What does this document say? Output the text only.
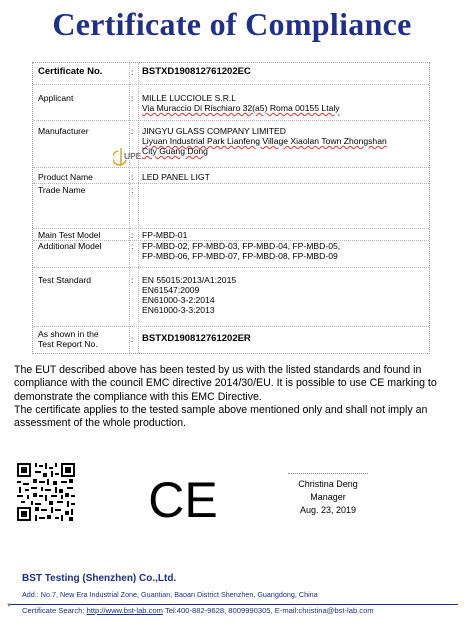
Certificate of Compliance
Certificate No.	: BSTXD190812761202EC
Applicant	: MILLE LUCCIOLE S.R.L
Via Muraccio Di Rischiaro 32(a5) Roma 00155 Ltaly
Manufacturer	: JINGYU GLASS COMPANY LIMITED
Liyuan Industrial Park Lianfeng Village Xiaolan Town Zhongshan
City Guang Dong
Product Name	: LED PANEL LIGT
Trade Name	:
Main Test Model	: FP-MBD-01
Additional Model	: FP-MBD-02, FP-MBD-03, FP-MBD-04, FP-MBD-05,
FP-MBD-06, FP-MBD-07, FP-MBD-08, FP-MBD-09
Test Standard	: EN 55015:2013/A1:2015
EN61547:2009
EN61000-3-2:2014
EN61000-3-3:2013
As shown in the
Test Report No.	: BSTXD190812761202ER
UPE

The EUT described above has been tested by us with the listed standards and found in compliance with the council EMC directive 2014/30/EU. It is possible to use CE marking to demonstrate the compliance with this EMC Directive.

The certificate applies to the tested sample above mentioned only and shall not imply an assessment of the whole production.

CE	Christina Deng
Manager
Aug. 23, 2019
BST Testing (Shenzhen) Co.,Ltd.
Add.: No.7, New Era Industrial Zone, Guantian, Baoan District Shenzhen, Guangdong, China
▼ Certificate Search: http://www.bst-lab.com Tel:400-882-9628, 8009990305, E-mail:christina@bst-lab.com
